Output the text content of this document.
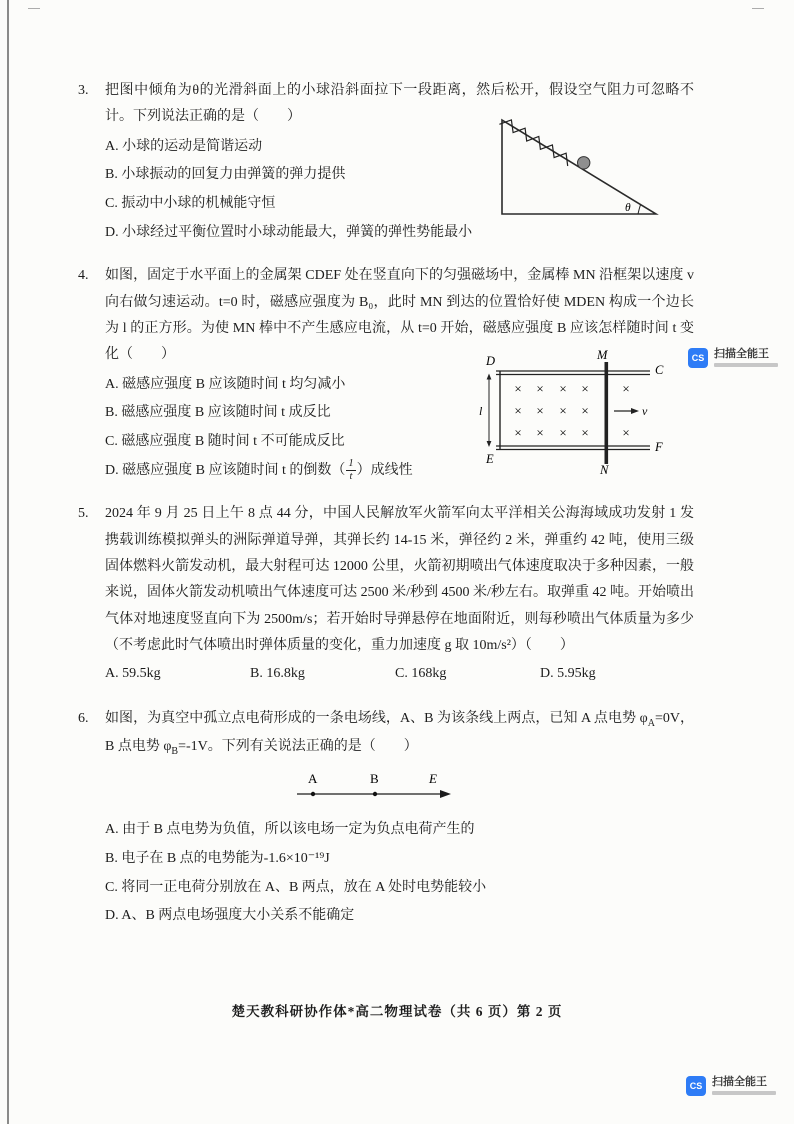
θ
3. 把图中倾角为θ的光滑斜面上的小球沿斜面拉下一段距离，然后松开，假设空气阻力可忽略不计。下列说法正确的是（　　）
A. 小球的运动是简谐运动
B. 小球振动的回复力由弹簧的弹力提供
C. 振动中小球的机械能守恒
D. 小球经过平衡位置时小球动能最大，弹簧的弹性势能最小
l
× × × ×
× × × ×
× × × ×
×
×
v
D
C
E
F
M
N
4. 如图，固定于水平面上的金属架 CDEF 处在竖直向下的匀强磁场中，金属棒 MN 沿框架以速度 v 向右做匀速运动。t=0 时，磁感应强度为 B₀，此时 MN 到达的位置恰好使 MDEN 构成一个边长为 l 的正方形。为使 MN 棒中不产生感应电流，从 t=0 开始，磁感应强度 B 应该怎样随时间 t 变化（　　）
A. 磁感应强度 B 应该随时间 t 均匀减小
B. 磁感应强度 B 应该随时间 t 成反比
C. 磁感应强度 B 随时间 t 不可能成反比
D. 磁感应强度 B 应该随时间 t 的倒数（ $\frac{1}{t}$ ）成线性
5. 2024 年 9 月 25 日上午 8 点 44 分，中国人民解放军火箭军向太平洋相关公海海域成功发射 1 发携载训练模拟弹头的洲际弹道导弹，其弹长约 14-15 米，弹径约 2 米，弹重约 42 吨，使用三级固体燃料火箭发动机，最大射程可达 12000 公里，火箭初期喷出气体速度取决于多种因素，一般来说，固体火箭发动机喷出气体速度可达 2500 米/秒到 4500 米/秒左右。取弹重 42 吨。开始喷出气体对地速度竖直向下为 2500m/s；若开始时导弹悬停在地面附近，则每秒喷出气体质量为多少（不考虑此时气体喷出时弹体质量的变化，重力加速度 g 取 10m/s²）（　　）
A. 59.5kg	B. 16.8kg	C. 168kg	D. 5.95kg
6. 如图，为真空中孤立点电荷形成的一条电场线，A、B 为该条线上两点，已知 A 点电势 $\varphi_A=0V$，B 点电势 $\varphi_B=-1V$。下列有关说法正确的是（　　）
A	B	E
A. 由于 B 点电势为负值，所以该电场一定为负点电荷产生的
B. 电子在 B 点的电势能为-1.6×10⁻¹⁹J
C. 将同一正电荷分别放在 A、B 两点，放在 A 处时电势能较小
D. A、B 两点电场强度大小关系不能确定
楚天教科研协作体*高二物理试卷（共 6 页）第 2 页
CS 扫描全能王
CS 扫描全能王
